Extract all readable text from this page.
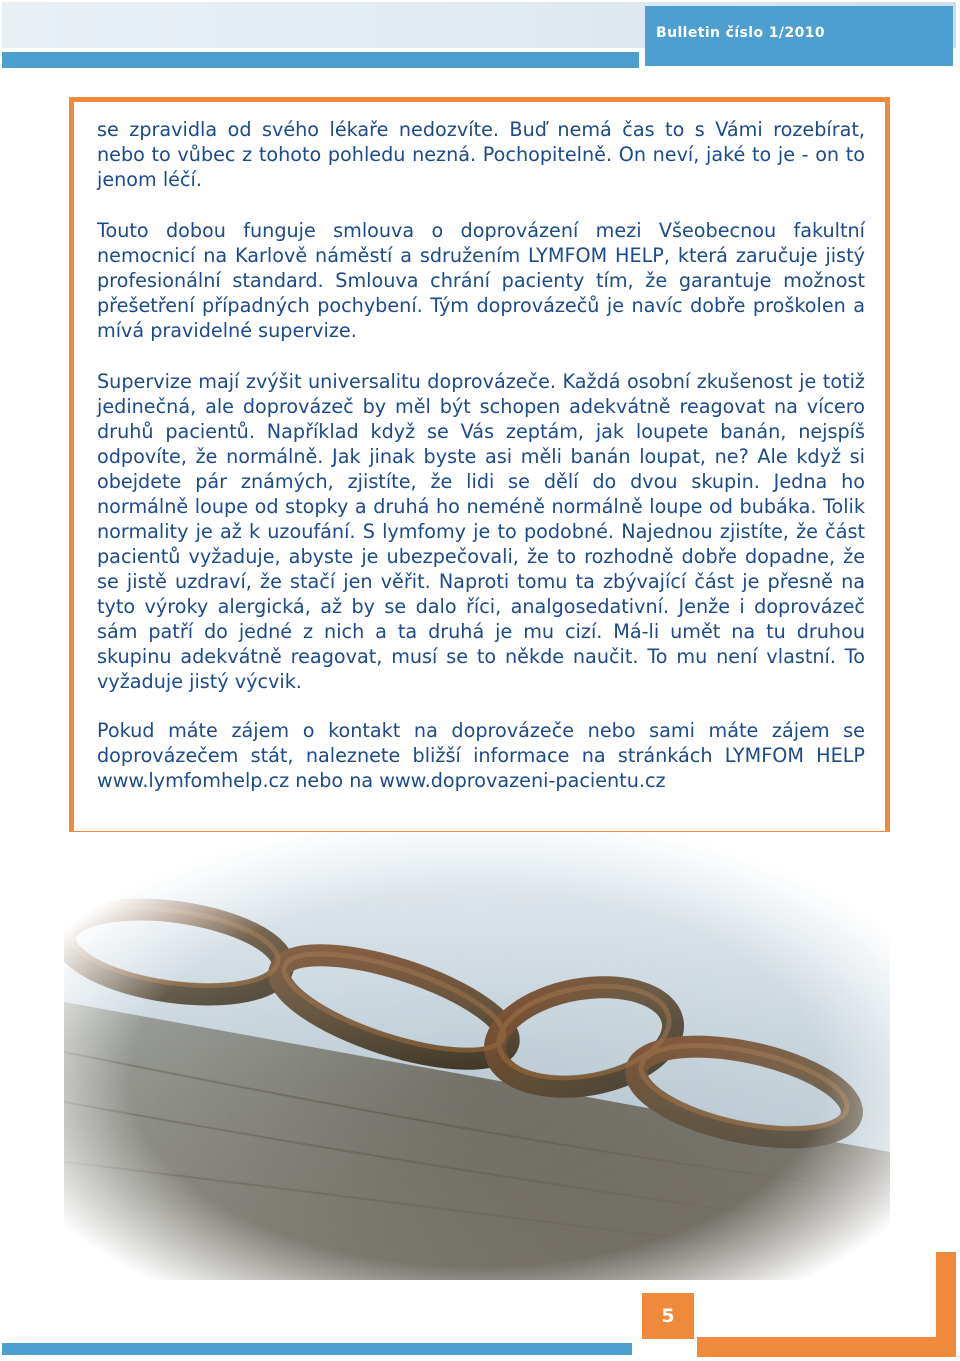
Bulletin číslo 1/2010

se zpravidla od svého lékaře nedozvíte. Buď nemá čas to s Vámi rozebírat, nebo to vůbec z tohoto pohledu nezná. Pochopitelně. On neví, jaké to je - on to jenom léčí.

Touto dobou funguje smlouva o doprovázení mezi Všeobecnou fakultní nemocnicí na Karlově náměstí a sdružením LYMFOM HELP, která zaručuje jistý profesionální standard. Smlouva chrání pacienty tím, že garantuje možnost přešetření případných pochybení. Tým doprovázečů je navíc dobře proškolen a mívá pravidelné supervize.

Supervize mají zvýšit universalitu doprovázeče. Každá osobní zkušenost je totiž jedinečná, ale doprovázeč by měl být schopen adekvátně reagovat na vícero druhů pacientů. Například když se Vás zeptám, jak loupete banán, nejspíš odpovíte, že normálně. Jak jinak byste asi měli banán loupat, ne? Ale když si obejdete pár známých, zjistíte, že lidi se dělí do dvou skupin. Jedna ho normálně loupe od stopky a druhá ho neméně normálně loupe od bubáka. Tolik normality je až k uzoufání. S lymfomy je to podobné. Najednou zjistíte, že část pacientů vyžaduje, abyste je ubezpečovali, že to rozhodně dobře dopadne, že se jistě uzdraví, že stačí jen věřit. Naproti tomu ta zbývající část je přesně na tyto výroky alergická, až by se dalo říci, analgosedativní. Jenže i doprovázeč sám patří do jedné z nich a ta druhá je mu cizí. Má-li umět na tu druhou skupinu adekvátně reagovat, musí se to někde naučit. To mu není vlastní. To vyžaduje jistý výcvik.

Pokud máte zájem o kontakt na doprovázeče nebo sami máte zájem se doprovázečem stát, naleznete bližší informace na stránkách LYMFOM HELP www.lymfomhelp.cz nebo na www.doprovazeni-pacientu.cz

5
